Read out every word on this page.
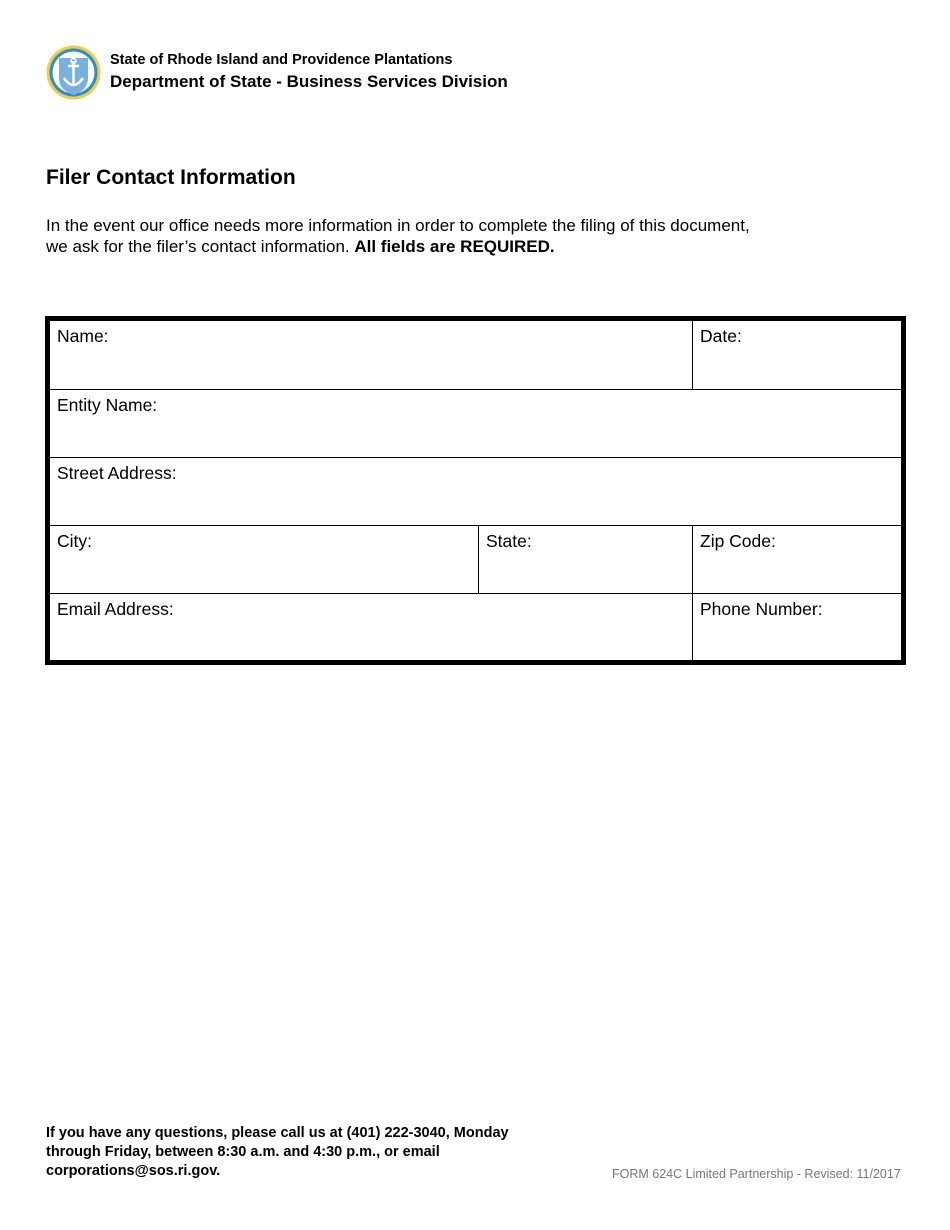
State of Rhode Island and Providence Plantations
Department of State - Business Services Division
Filer Contact Information
In the event our office needs more information in order to complete the filing of this document, we ask for the filer’s contact information. All fields are REQUIRED.
Name:	Date:
Entity Name:
Street Address:
City:	State:	Zip Code:
Email Address:	Phone Number:
If you have any questions, please call us at (401) 222-3040, Monday through Friday, between 8:30 a.m. and 4:30 p.m., or email corporations@sos.ri.gov.	FORM 624C Limited Partnership - Revised: 11/2017
